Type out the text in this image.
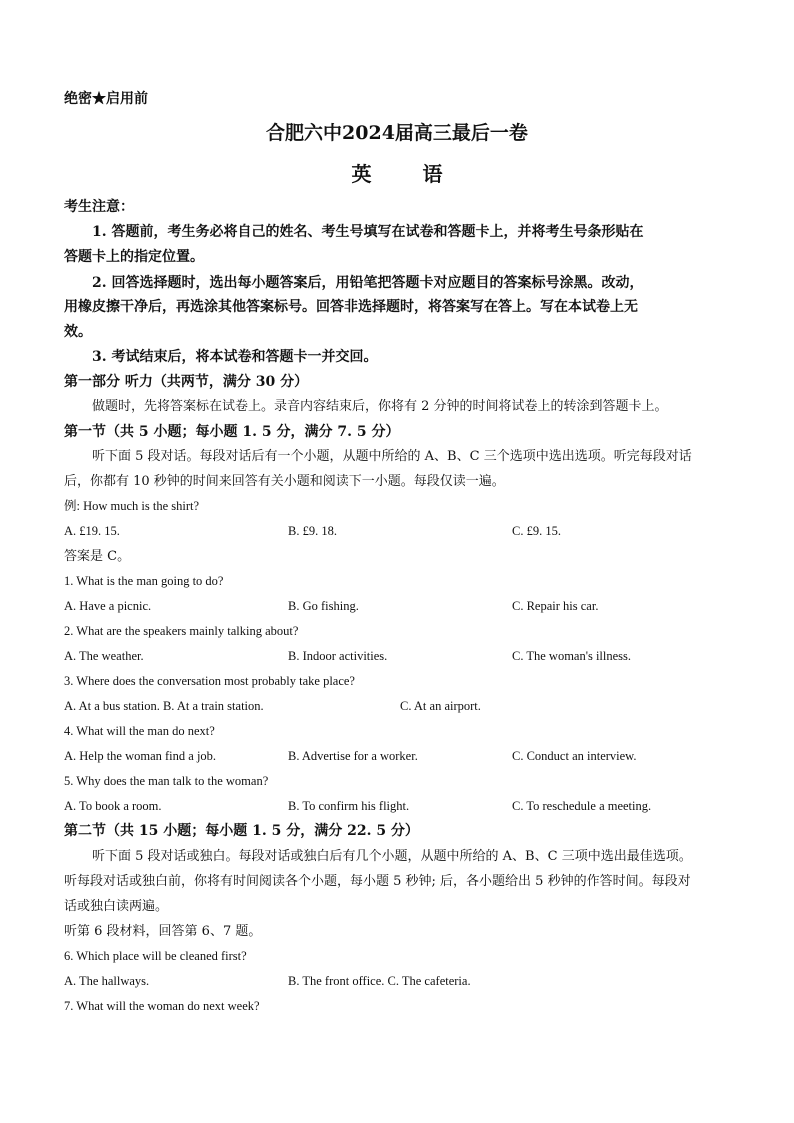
绝密★启用前
合肥六中2024届高三最后一卷
英 语
考生注意：
1. 答题前，考生务必将自己的姓名、考生号填写在试卷和答题卡上，并将考生号条形贴在
答题卡上的指定位置。
2. 回答选择题时，选出每小题答案后，用铅笔把答题卡对应题目的答案标号涂黑。改动，
用橡皮擦干净后，再选涂其他答案标号。回答非选择题时，将答案写在答上。写在本试卷上无
效。
3. 考试结束后，将本试卷和答题卡一并交回。
第一部分 听力（共两节，满分 30 分）
做题时，先将答案标在试卷上。录音内容结束后，你将有 2 分钟的时间将试卷上的转涂到答题卡上。
第一节（共 5 小题；每小题 1. 5 分，满分 7. 5 分）
听下面 5 段对话。每段对话后有一个小题，从题中所给的 A、B、C 三个选项中选出选项。听完每段对话
后，你都有 10 秒钟的时间来回答有关小题和阅读下一小题。每段仅读一遍。
例: How much is the shirt?
A. £19. 15.	B. £9. 18.	C. £9. 15.
答案是 C。
1. What is the man going to do?
A. Have a picnic.	B. Go fishing.	C. Repair his car.
2. What are the speakers mainly talking about?
A. The weather.	B. Indoor activities.	C. The woman's illness.
3. Where does the conversation most probably take place?
A. At a bus station. B. At a train station.	C. At an airport.
4. What will the man do next?
A. Help the woman find a job.	B. Advertise for a worker.	C. Conduct an interview.
5. Why does the man talk to the woman?
A. To book a room.	B. To confirm his flight.	C. To reschedule a meeting.
第二节（共 15 小题；每小题 1. 5 分，满分 22. 5 分）
听下面 5 段对话或独白。每段对话或独白后有几个小题，从题中所给的 A、B、C 三项中选出最佳选项。
听每段对话或独白前，你将有时间阅读各个小题，每小题 5 秒钟; 后，各小题给出 5 秒钟的作答时间。每段对
话或独白读两遍。
听第 6 段材料，回答第 6、7 题。
6. Which place will be cleaned first?
A. The hallways.	B. The front office. C. The cafeteria.
7. What will the woman do next week?
